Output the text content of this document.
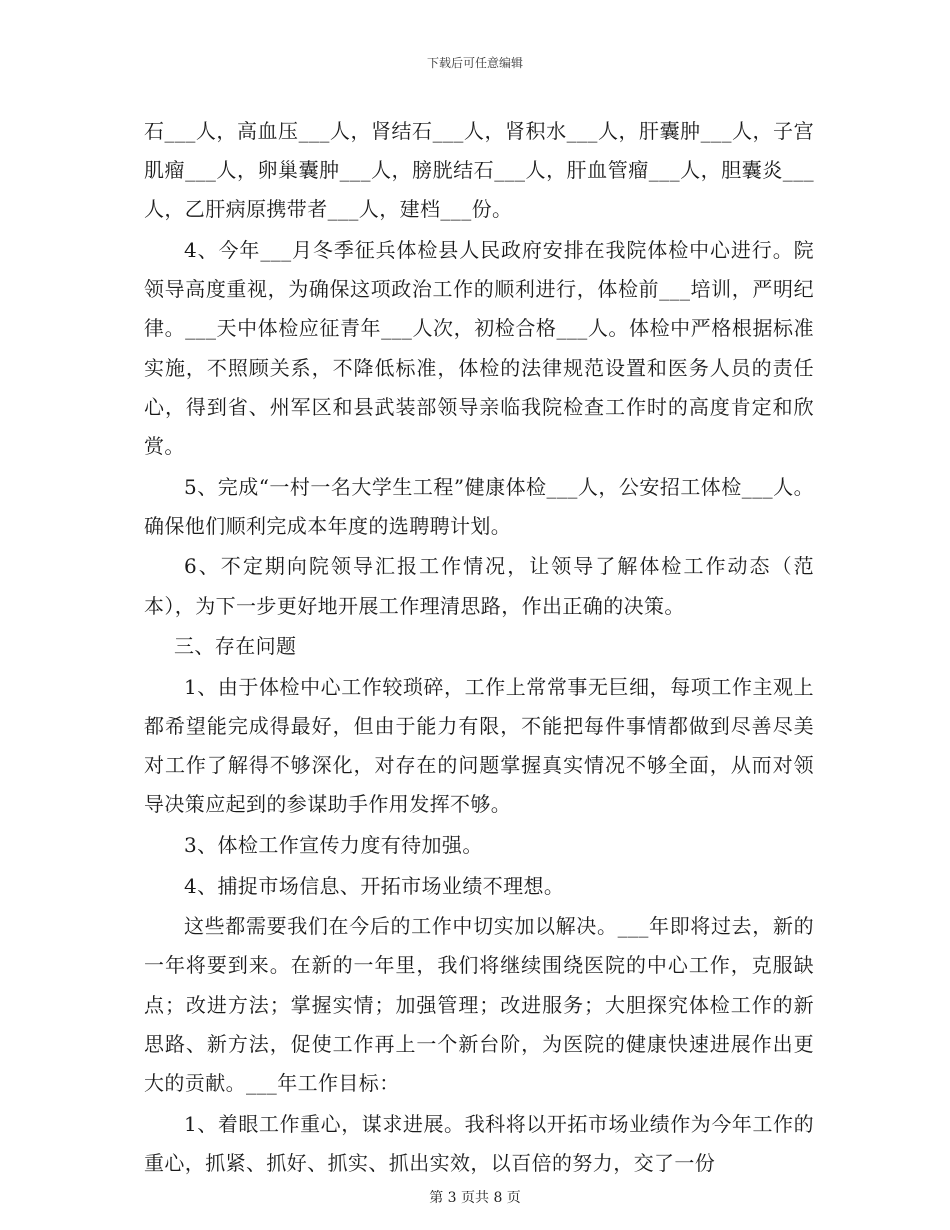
下载后可任意编辑

石___人，高血压___人，肾结石___人，肾积水___人，肝囊肿___人，子宫肌瘤___人，卵巢囊肿___人，膀胱结石___人，肝血管瘤___人，胆囊炎___人，乙肝病原携带者___人，建档___份。

4、今年___月冬季征兵体检县人民政府安排在我院体检中心进行。院领导高度重视，为确保这项政治工作的顺利进行，体检前___培训，严明纪律。___天中体检应征青年___人次，初检合格___人。体检中严格根据标准实施，不照顾关系，不降低标准，体检的法律规范设置和医务人员的责任心，得到省、州军区和县武装部领导亲临我院检查工作时的高度肯定和欣赏。

5、完成“一村一名大学生工程”健康体检___人，公安招工体检___人。确保他们顺利完成本年度的选聘聘计划。

6、不定期向院领导汇报工作情况，让领导了解体检工作动态（范本），为下一步更好地开展工作理清思路，作出正确的决策。

三、存在问题

1、由于体检中心工作较琐碎，工作上常常事无巨细，每项工作主观上都希望能完成得最好，但由于能力有限，不能把每件事情都做到尽善尽美对工作了解得不够深化，对存在的问题掌握真实情况不够全面，从而对领导决策应起到的参谋助手作用发挥不够。

3、体检工作宣传力度有待加强。

4、捕捉市场信息、开拓市场业绩不理想。

这些都需要我们在今后的工作中切实加以解决。___年即将过去，新的一年将要到来。在新的一年里，我们将继续围绕医院的中心工作，克服缺点；改进方法；掌握实情；加强管理；改进服务；大胆探究体检工作的新思路、新方法，促使工作再上一个新台阶，为医院的健康快速进展作出更大的贡献。___年工作目标：

1、着眼工作重心，谋求进展。我科将以开拓市场业绩作为今年工作的重心，抓紧、抓好、抓实、抓出实效，以百倍的努力，交了一份

第 3 页共 8 页
